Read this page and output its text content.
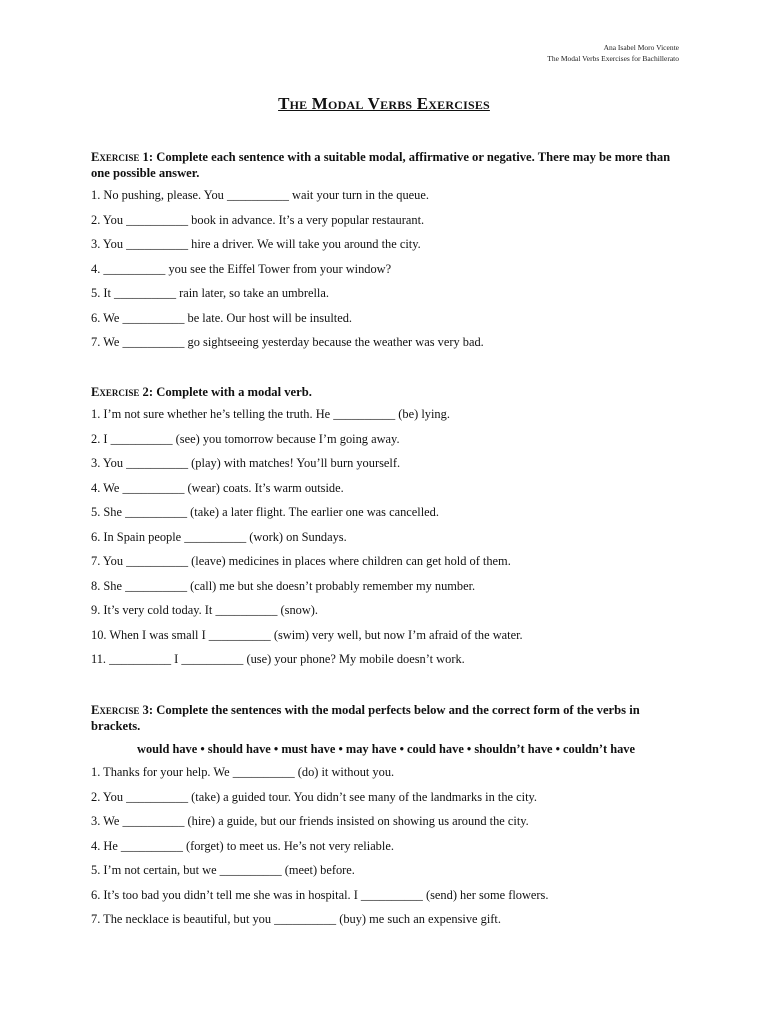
Ana Isabel Moro Vicente
The Modal Verbs Exercises for Bachillerato
The Modal Verbs Exercises
Exercise 1: Complete each sentence with a suitable modal, affirmative or negative. There may be more than one possible answer.
1. No pushing, please. You __________ wait your turn in the queue.
2. You __________ book in advance. It’s a very popular restaurant.
3. You __________ hire a driver. We will take you around the city.
4. __________ you see the Eiffel Tower from your window?
5. It __________ rain later, so take an umbrella.
6. We __________ be late. Our host will be insulted.
7. We __________ go sightseeing yesterday because the weather was very bad.
Exercise 2: Complete with a modal verb.
1. I’m not sure whether he’s telling the truth. He __________ (be) lying.
2. I __________ (see) you tomorrow because I’m going away.
3. You __________ (play) with matches! You’ll burn yourself.
4. We __________ (wear) coats. It’s warm outside.
5. She __________ (take) a later flight. The earlier one was cancelled.
6. In Spain people __________ (work) on Sundays.
7. You __________ (leave) medicines in places where children can get hold of them.
8. She __________ (call) me but she doesn’t probably remember my number.
9. It’s very cold today. It __________ (snow).
10. When I was small I __________ (swim) very well, but now I’m afraid of the water.
11. __________ I __________ (use) your phone? My mobile doesn’t work.
Exercise 3: Complete the sentences with the modal perfects below and the correct form of the verbs in brackets.
would have • should have • must have • may have • could have • shouldn’t have • couldn’t have
1. Thanks for your help. We __________ (do) it without you.
2. You __________ (take) a guided tour. You didn’t see many of the landmarks in the city.
3. We __________ (hire) a guide, but our friends insisted on showing us around the city.
4. He __________ (forget) to meet us. He’s not very reliable.
5. I’m not certain, but we __________ (meet) before.
6. It’s too bad you didn’t tell me she was in hospital. I __________ (send) her some flowers.
7. The necklace is beautiful, but you __________ (buy) me such an expensive gift.
